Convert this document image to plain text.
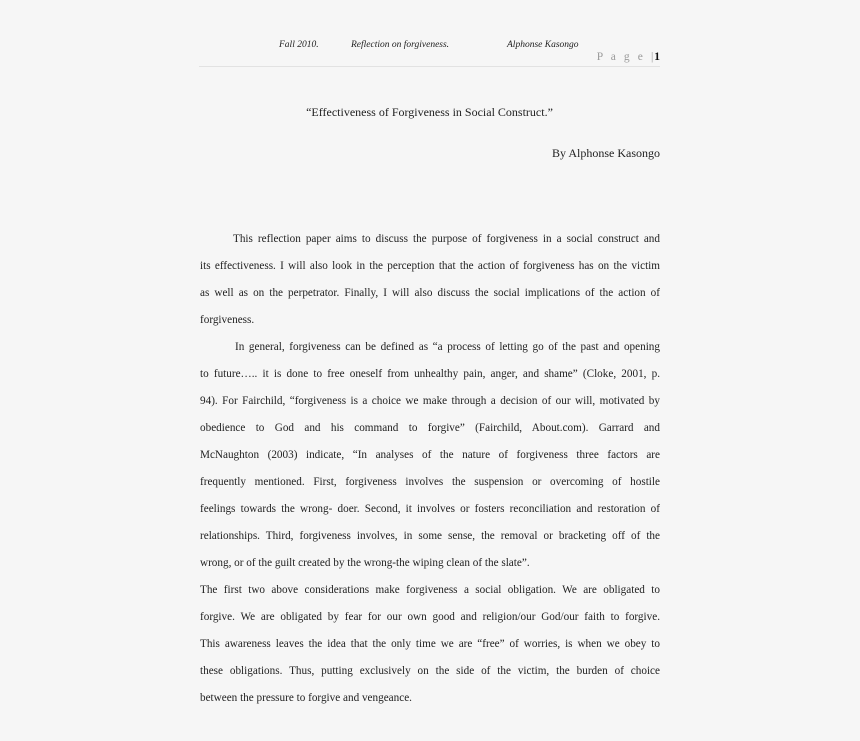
Fall 2010.	Reflection on forgiveness.	Alphonse Kasongo
P a g e |1
“Effectiveness of Forgiveness in Social Construct.”
By Alphonse Kasongo

This reflection paper aims to discuss the purpose of forgiveness in a social construct and
its effectiveness. I will also look in the perception that the action of forgiveness has on the victim
as well as on the perpetrator. Finally, I will also discuss the social implications of the action of
forgiveness.

In general, forgiveness can be defined as “a process of letting go of the past and opening
to future….. it is done to free oneself from unhealthy pain, anger, and shame” (Cloke, 2001, p.
94). For Fairchild, “forgiveness is a choice we make through a decision of our will, motivated by
obedience to God and his command to forgive” (Fairchild, About.com). Garrard and
McNaughton (2003) indicate, “In analyses of the nature of forgiveness three factors are
frequently mentioned. First, forgiveness involves the suspension or overcoming of hostile
feelings towards the wrong- doer. Second, it involves or fosters reconciliation and restoration of
relationships. Third, forgiveness involves, in some sense, the removal or bracketing off of the
wrong, or of the guilt created by the wrong-the wiping clean of the slate”.

The first two above considerations make forgiveness a social obligation. We are obligated to
forgive. We are obligated by fear for our own good and religion/our God/our faith to forgive.
This awareness leaves the idea that the only time we are “free” of worries, is when we obey to
these obligations. Thus, putting exclusively on the side of the victim, the burden of choice
between the pressure to forgive and vengeance.
